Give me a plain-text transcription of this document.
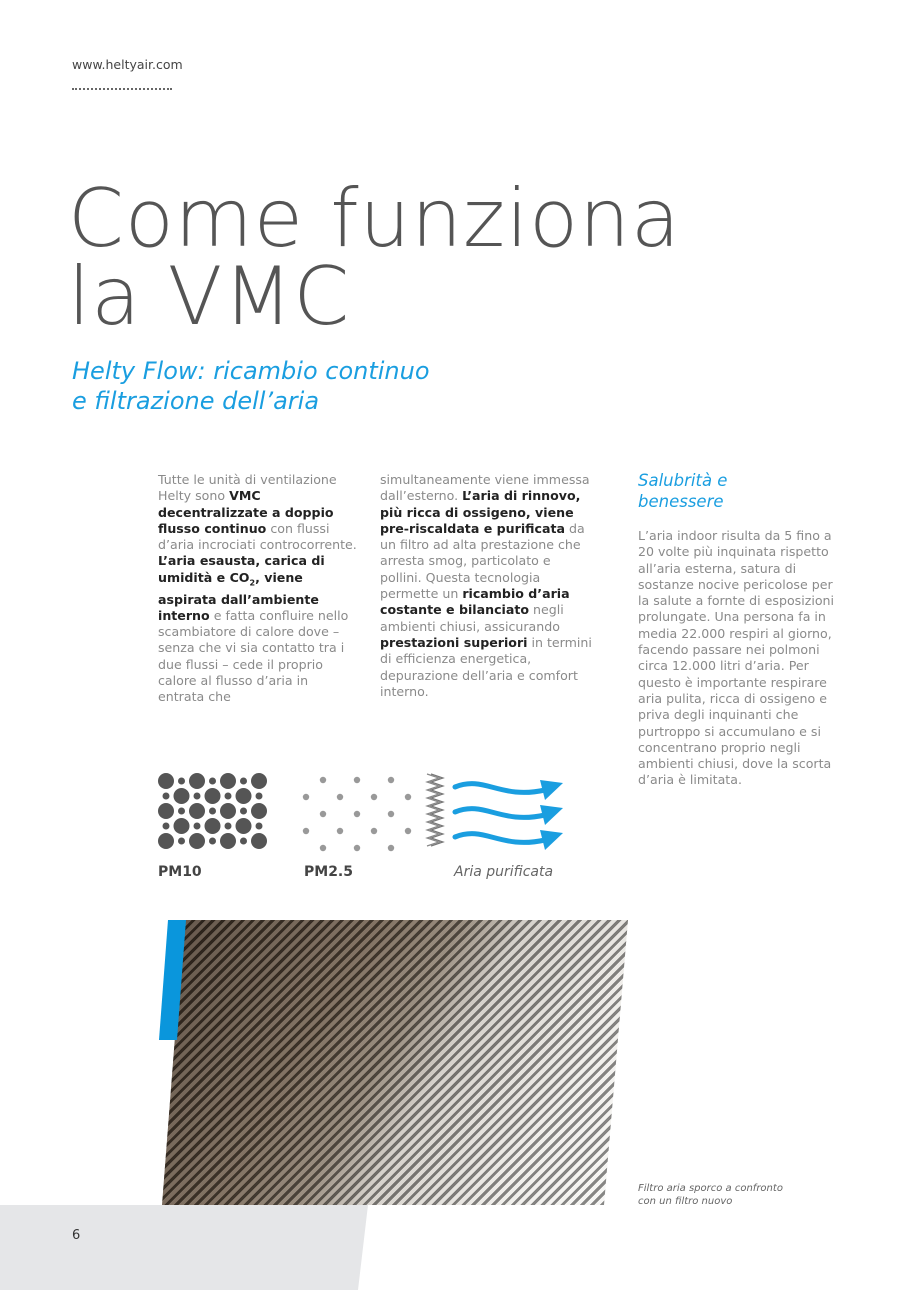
www.heltyair.com
Come funziona
la VMC
Helty Flow: ricambio continuo
e filtrazione dell’aria
Tutte le unità di ventilazione Helty sono VMC decentralizzate a doppio flusso continuo con flussi d’aria incrociati controcorrente. L’aria esausta, carica di umidità e $CO_2$, viene aspirata dall’ambiente interno e fatta confluire nello scambiatore di calore dove – senza che vi sia contatto tra i due flussi – cede il proprio calore al flusso d’aria in entrata che
simultaneamente viene immessa dall’esterno. L’aria di rinnovo, più ricca di ossigeno, viene pre-riscaldata e purificata da un filtro ad alta prestazione che arresta smog, particolato e pollini. Questa tecnologia permette un ricambio d’aria costante e bilanciato negli ambienti chiusi, assicurando prestazioni superiori in termini di efficienza energetica, depurazione dell’aria e comfort interno.
Salubrità e benessere
L’aria indoor risulta da 5 fino a 20 volte più inquinata rispetto all’aria esterna, satura di sostanze nocive pericolose per la salute a fornte di esposizioni prolungate. Una persona fa in media 22.000 respiri al giorno, facendo passare nei polmoni circa 12.000 litri d’aria. Per questo è importante respirare aria pulita, ricca di ossigeno e priva degli inquinanti che purtroppo si accumulano e si concentrano proprio negli ambienti chiusi, dove la scorta d’aria è limitata.
PM10	PM2.5	Aria purificata
Filtro aria sporco a confronto
con un filtro nuovo
6
